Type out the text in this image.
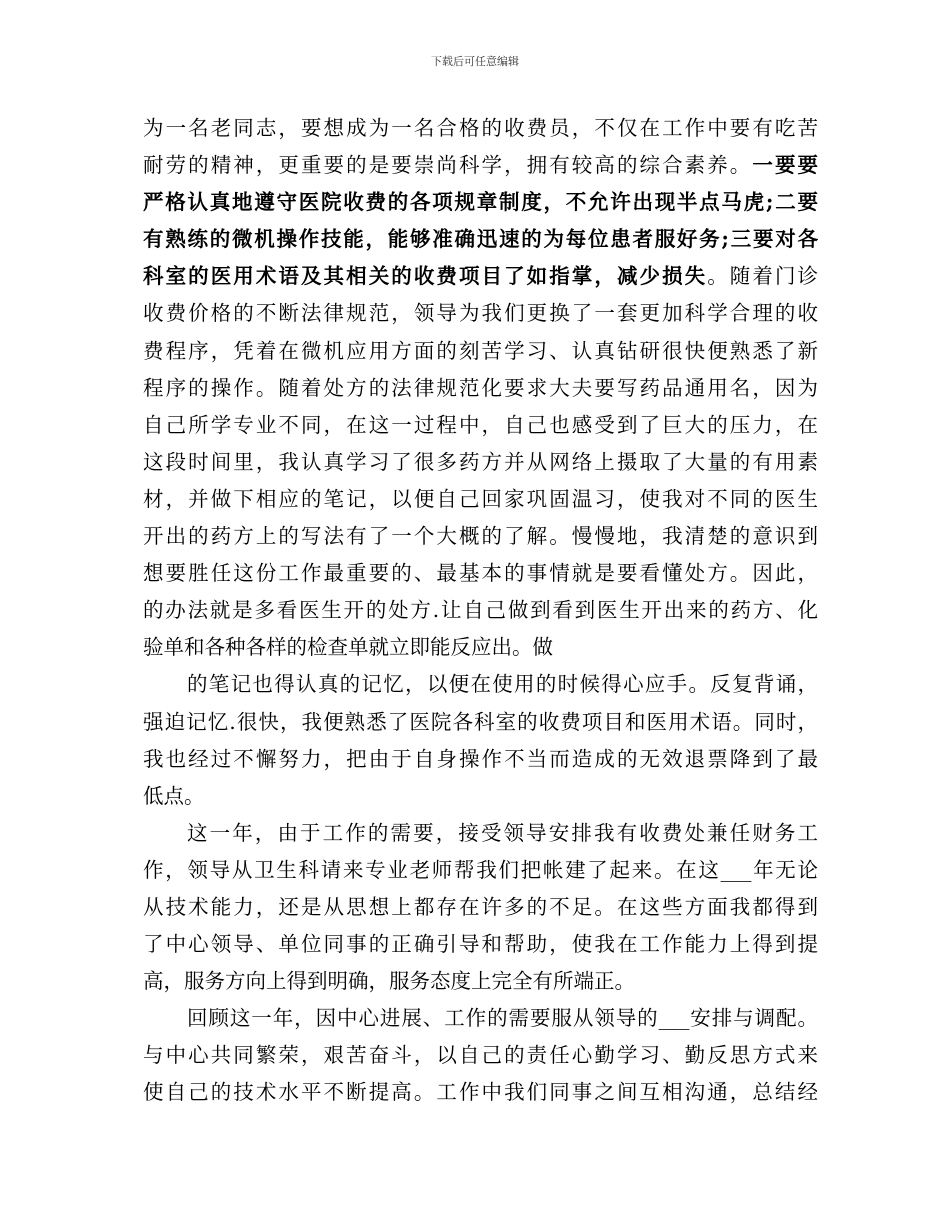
下载后可任意编辑
为一名老同志，要想成为一名合格的收费员，不仅在工作中要有吃苦
耐劳的精神，更重要的是要崇尚科学，拥有较高的综合素养。一要要
严格认真地遵守医院收费的各项规章制度，不允许出现半点马虎;二要
有熟练的微机操作技能，能够准确迅速的为每位患者服好务;三要对各
科室的医用术语及其相关的收费项目了如指掌，减少损失。随着门诊
收费价格的不断法律规范，领导为我们更换了一套更加科学合理的收
费程序，凭着在微机应用方面的刻苦学习、认真钻研很快便熟悉了新
程序的操作。随着处方的法律规范化要求大夫要写药品通用名，因为
自己所学专业不同，在这一过程中，自己也感受到了巨大的压力，在
这段时间里，我认真学习了很多药方并从网络上摄取了大量的有用素
材，并做下相应的笔记，以便自己回家巩固温习，使我对不同的医生
开出的药方上的写法有了一个大概的了解。慢慢地，我清楚的意识到
想要胜任这份工作最重要的、最基本的事情就是要看懂处方。因此，
的办法就是多看医生开的处方.让自己做到看到医生开出来的药方、化
验单和各种各样的检查单就立即能反应出。做
的笔记也得认真的记忆，以便在使用的时候得心应手。反复背诵，
强迫记忆.很快，我便熟悉了医院各科室的收费项目和医用术语。同时，
我也经过不懈努力，把由于自身操作不当而造成的无效退票降到了最
低点。
这一年，由于工作的需要，接受领导安排我有收费处兼任财务工
作，领导从卫生科请来专业老师帮我们把帐建了起来。在这___年无论
从技术能力，还是从思想上都存在许多的不足。在这些方面我都得到
了中心领导、单位同事的正确引导和帮助，使我在工作能力上得到提
高，服务方向上得到明确，服务态度上完全有所端正。
回顾这一年，因中心进展、工作的需要服从领导的___安排与调配。
与中心共同繁荣，艰苦奋斗，以自己的责任心勤学习、勤反思方式来
使自己的技术水平不断提高。工作中我们同事之间互相沟通，总结经
